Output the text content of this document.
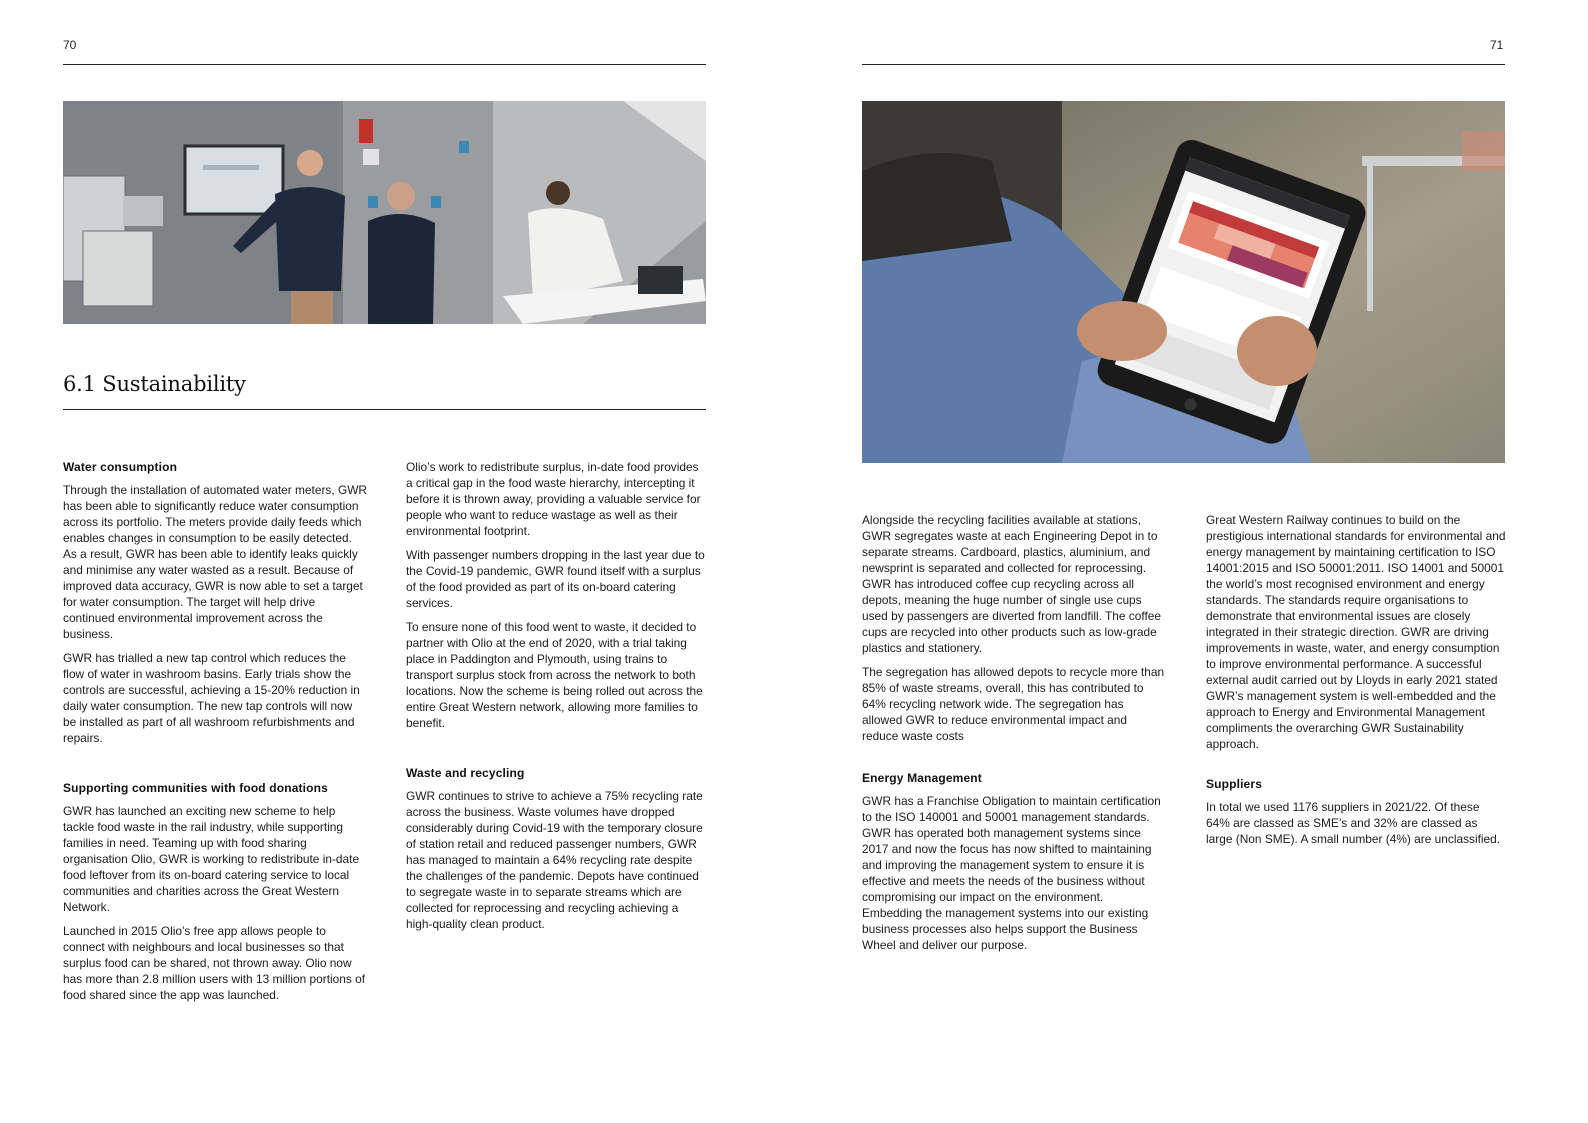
70
6.1 Sustainability
Water consumption

Through the installation of automated water meters, GWR has been able to significantly reduce water consumption across its portfolio. The meters provide daily feeds which enables changes in consumption to be easily detected. As a result, GWR has been able to identify leaks quickly and minimise any water wasted as a result. Because of improved data accuracy, GWR is now able to set a target for water consumption. The target will help drive continued environmental improvement across the business.

GWR has trialled a new tap control which reduces the flow of water in washroom basins. Early trials show the controls are successful, achieving a 15-20% reduction in daily water consumption. The new tap controls will now be installed as part of all washroom refurbishments and repairs.

Supporting communities with food donations

GWR has launched an exciting new scheme to help tackle food waste in the rail industry, while supporting families in need. Teaming up with food sharing organisation Olio, GWR is working to redistribute in-date food leftover from its on-board catering service to local communities and charities across the Great Western Network.

Launched in 2015 Olio’s free app allows people to connect with neighbours and local businesses so that surplus food can be shared, not thrown away. Olio now has more than 2.8 million users with 13 million portions of food shared since the app was launched.

Olio’s work to redistribute surplus, in-date food provides a critical gap in the food waste hierarchy, intercepting it before it is thrown away, providing a valuable service for people who want to reduce wastage as well as their environmental footprint.

With passenger numbers dropping in the last year due to the Covid-19 pandemic, GWR found itself with a surplus of the food provided as part of its on-board catering services.

To ensure none of this food went to waste, it decided to partner with Olio at the end of 2020, with a trial taking place in Paddington and Plymouth, using trains to transport surplus stock from across the network to both locations. Now the scheme is being rolled out across the entire Great Western network, allowing more families to benefit.

Waste and recycling

GWR continues to strive to achieve a 75% recycling rate across the business. Waste volumes have dropped considerably during Covid-19 with the temporary closure of station retail and reduced passenger numbers, GWR has managed to maintain a 64% recycling rate despite the challenges of the pandemic. Depots have continued to segregate waste in to separate streams which are collected for reprocessing and recycling achieving a high-quality clean product.

71

Alongside the recycling facilities available at stations, GWR segregates waste at each Engineering Depot in to separate streams. Cardboard, plastics, aluminium, and newsprint is separated and collected for reprocessing. GWR has introduced coffee cup recycling across all depots, meaning the huge number of single use cups used by passengers are diverted from landfill. The coffee cups are recycled into other products such as low-grade plastics and stationery.

The segregation has allowed depots to recycle more than 85% of waste streams, overall, this has contributed to 64% recycling network wide. The segregation has allowed GWR to reduce environmental impact and reduce waste costs

Energy Management

GWR has a Franchise Obligation to maintain certification to the ISO 140001 and 50001 management standards. GWR has operated both management systems since 2017 and now the focus has now shifted to maintaining and improving the management system to ensure it is effective and meets the needs of the business without compromising our impact on the environment. Embedding the management systems into our existing business processes also helps support the Business Wheel and deliver our purpose.

Great Western Railway continues to build on the prestigious international standards for environmental and energy management by maintaining certification to ISO 14001:2015 and ISO 50001:2011. ISO 14001 and 50001 the world’s most recognised environment and energy standards. The standards require organisations to demonstrate that environmental issues are closely integrated in their strategic direction. GWR are driving improvements in waste, water, and energy consumption to improve environmental performance. A successful external audit carried out by Lloyds in early 2021 stated GWR’s management system is well-embedded and the approach to Energy and Environmental Management compliments the overarching GWR Sustainability approach.

Suppliers

In total we used 1176 suppliers in 2021/22. Of these 64% are classed as SME’s and 32% are classed as large (Non SME). A small number (4%) are unclassified.
